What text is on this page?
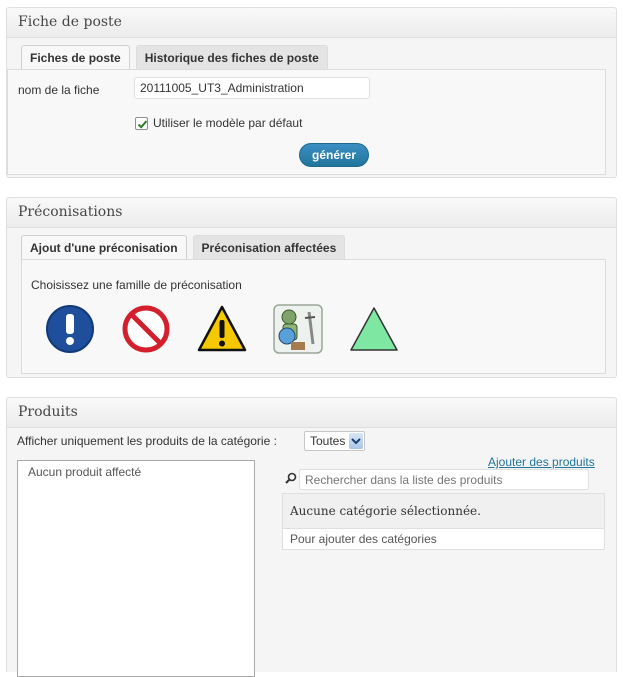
Fiche de poste
Fiches de poste	Historique des fiches de poste
nom de la fiche
20111005_UT3_Administration
Utiliser le modèle par défaut
générer
Préconisations
Ajout d'une préconisation	Préconisation affectées
Choisissez une famille de préconisation
Produits
Afficher uniquement les produits de la catégorie :	Toutes
Aucun produit affecté
Ajouter des produits
Rechercher dans la liste des produits
Aucune catégorie sélectionnée.
Pour ajouter des catégories
